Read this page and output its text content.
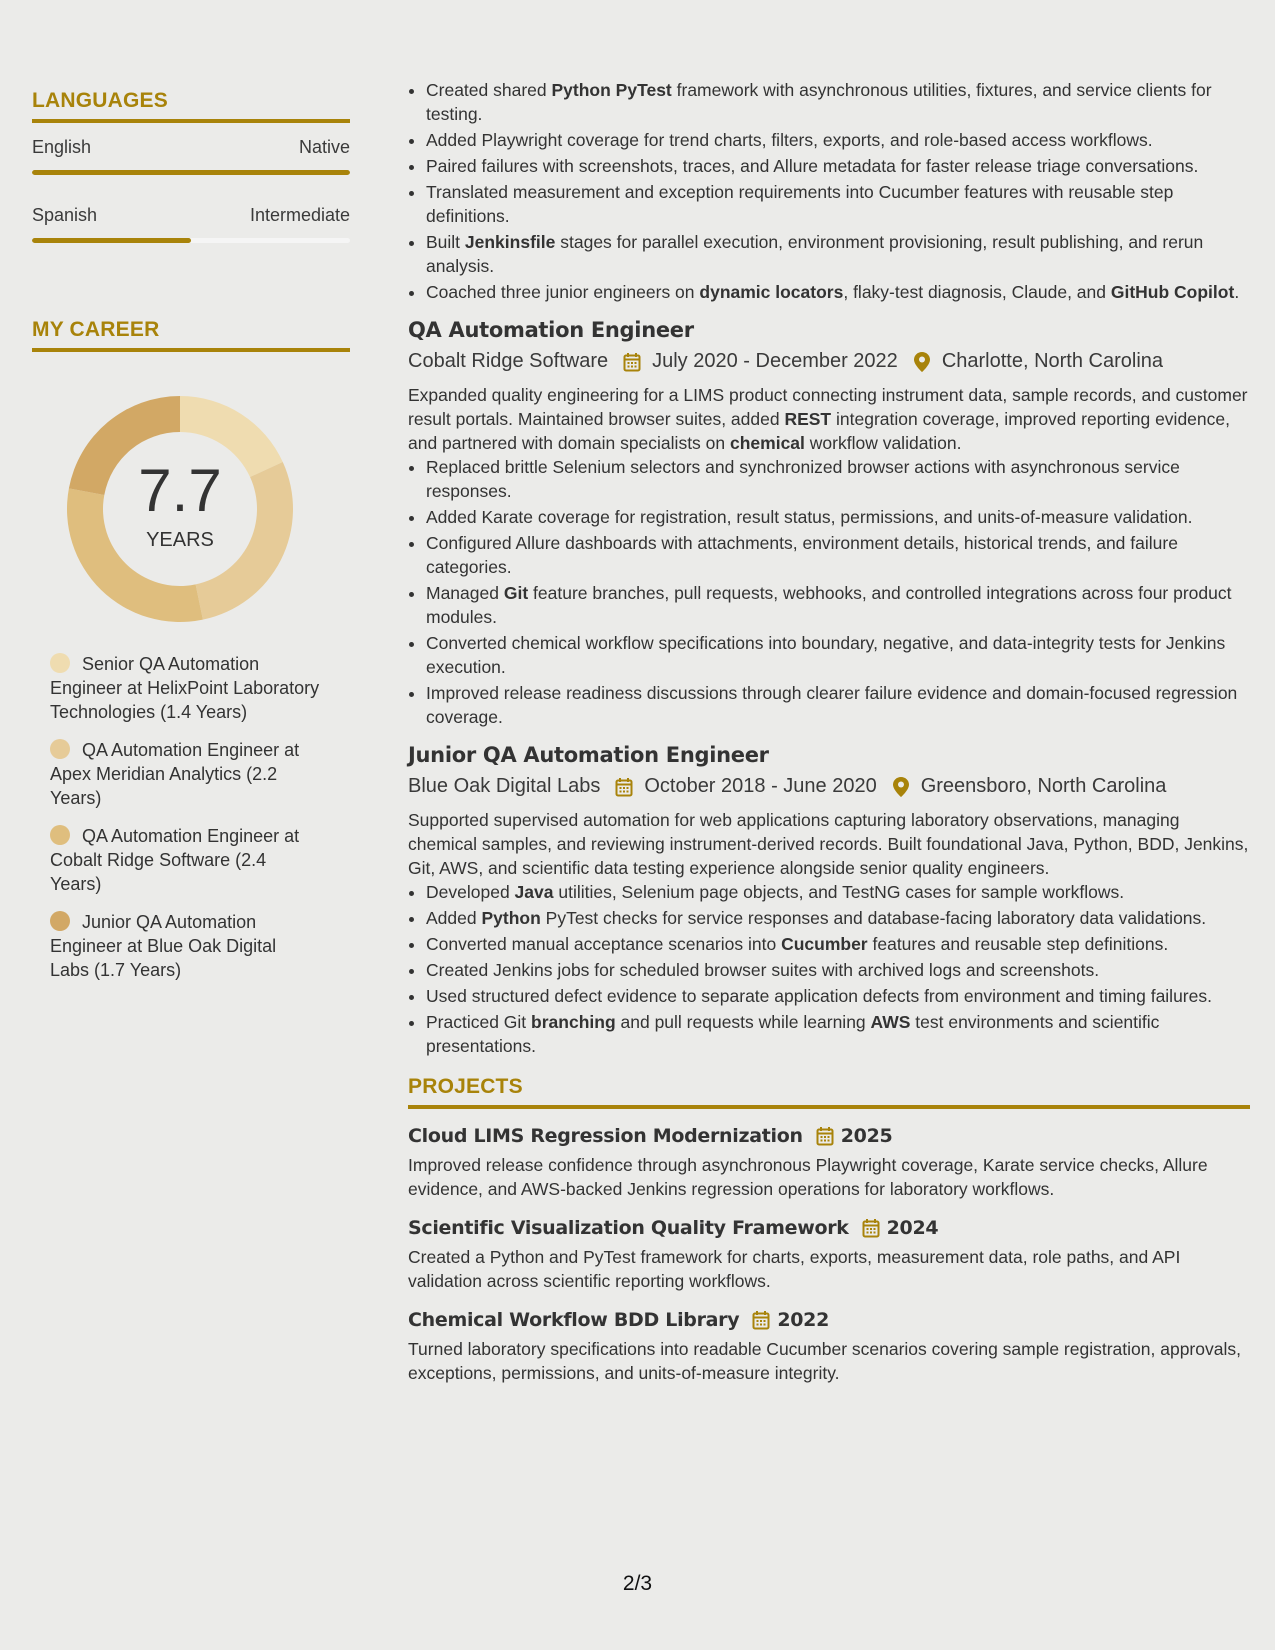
LANGUAGES
English	Native
Spanish	Intermediate
MY CAREER
7.7
YEARS
Senior QA Automation Engineer at HelixPoint Laboratory Technologies (1.4 Years)
QA Automation Engineer at Apex Meridian Analytics (2.2 Years)
QA Automation Engineer at Cobalt Ridge Software (2.4 Years)
Junior QA Automation Engineer at Blue Oak Digital Labs (1.7 Years)
• Created shared Python PyTest framework with asynchronous utilities, fixtures, and service clients for testing.
• Added Playwright coverage for trend charts, filters, exports, and role-based access workflows.
• Paired failures with screenshots, traces, and Allure metadata for faster release triage conversations.
• Translated measurement and exception requirements into Cucumber features with reusable step definitions.
• Built Jenkinsfile stages for parallel execution, environment provisioning, result publishing, and rerun analysis.
• Coached three junior engineers on dynamic locators, flaky-test diagnosis, Claude, and GitHub Copilot.
QA Automation Engineer
Cobalt Ridge Software July 2020 - December 2022 Charlotte, North Carolina
Expanded quality engineering for a LIMS product connecting instrument data, sample records, and customer result portals. Maintained browser suites, added REST integration coverage, improved reporting evidence, and partnered with domain specialists on chemical workflow validation.
• Replaced brittle Selenium selectors and synchronized browser actions with asynchronous service responses.
• Added Karate coverage for registration, result status, permissions, and units-of-measure validation.
• Configured Allure dashboards with attachments, environment details, historical trends, and failure categories.
• Managed Git feature branches, pull requests, webhooks, and controlled integrations across four product modules.
• Converted chemical workflow specifications into boundary, negative, and data-integrity tests for Jenkins execution.
• Improved release readiness discussions through clearer failure evidence and domain-focused regression coverage.
Junior QA Automation Engineer
Blue Oak Digital Labs October 2018 - June 2020 Greensboro, North Carolina
Supported supervised automation for web applications capturing laboratory observations, managing chemical samples, and reviewing instrument-derived records. Built foundational Java, Python, BDD, Jenkins, Git, AWS, and scientific data testing experience alongside senior quality engineers.
• Developed Java utilities, Selenium page objects, and TestNG cases for sample workflows.
• Added Python PyTest checks for service responses and database-facing laboratory data validations.
• Converted manual acceptance scenarios into Cucumber features and reusable step definitions.
• Created Jenkins jobs for scheduled browser suites with archived logs and screenshots.
• Used structured defect evidence to separate application defects from environment and timing failures.
• Practiced Git branching and pull requests while learning AWS test environments and scientific presentations.
PROJECTS
Cloud LIMS Regression Modernization 2025
Improved release confidence through asynchronous Playwright coverage, Karate service checks, Allure evidence, and AWS-backed Jenkins regression operations for laboratory workflows.
Scientific Visualization Quality Framework 2024
Created a Python and PyTest framework for charts, exports, measurement data, role paths, and API validation across scientific reporting workflows.
Chemical Workflow BDD Library 2022
Turned laboratory specifications into readable Cucumber scenarios covering sample registration, approvals, exceptions, permissions, and units-of-measure integrity.
2/3
